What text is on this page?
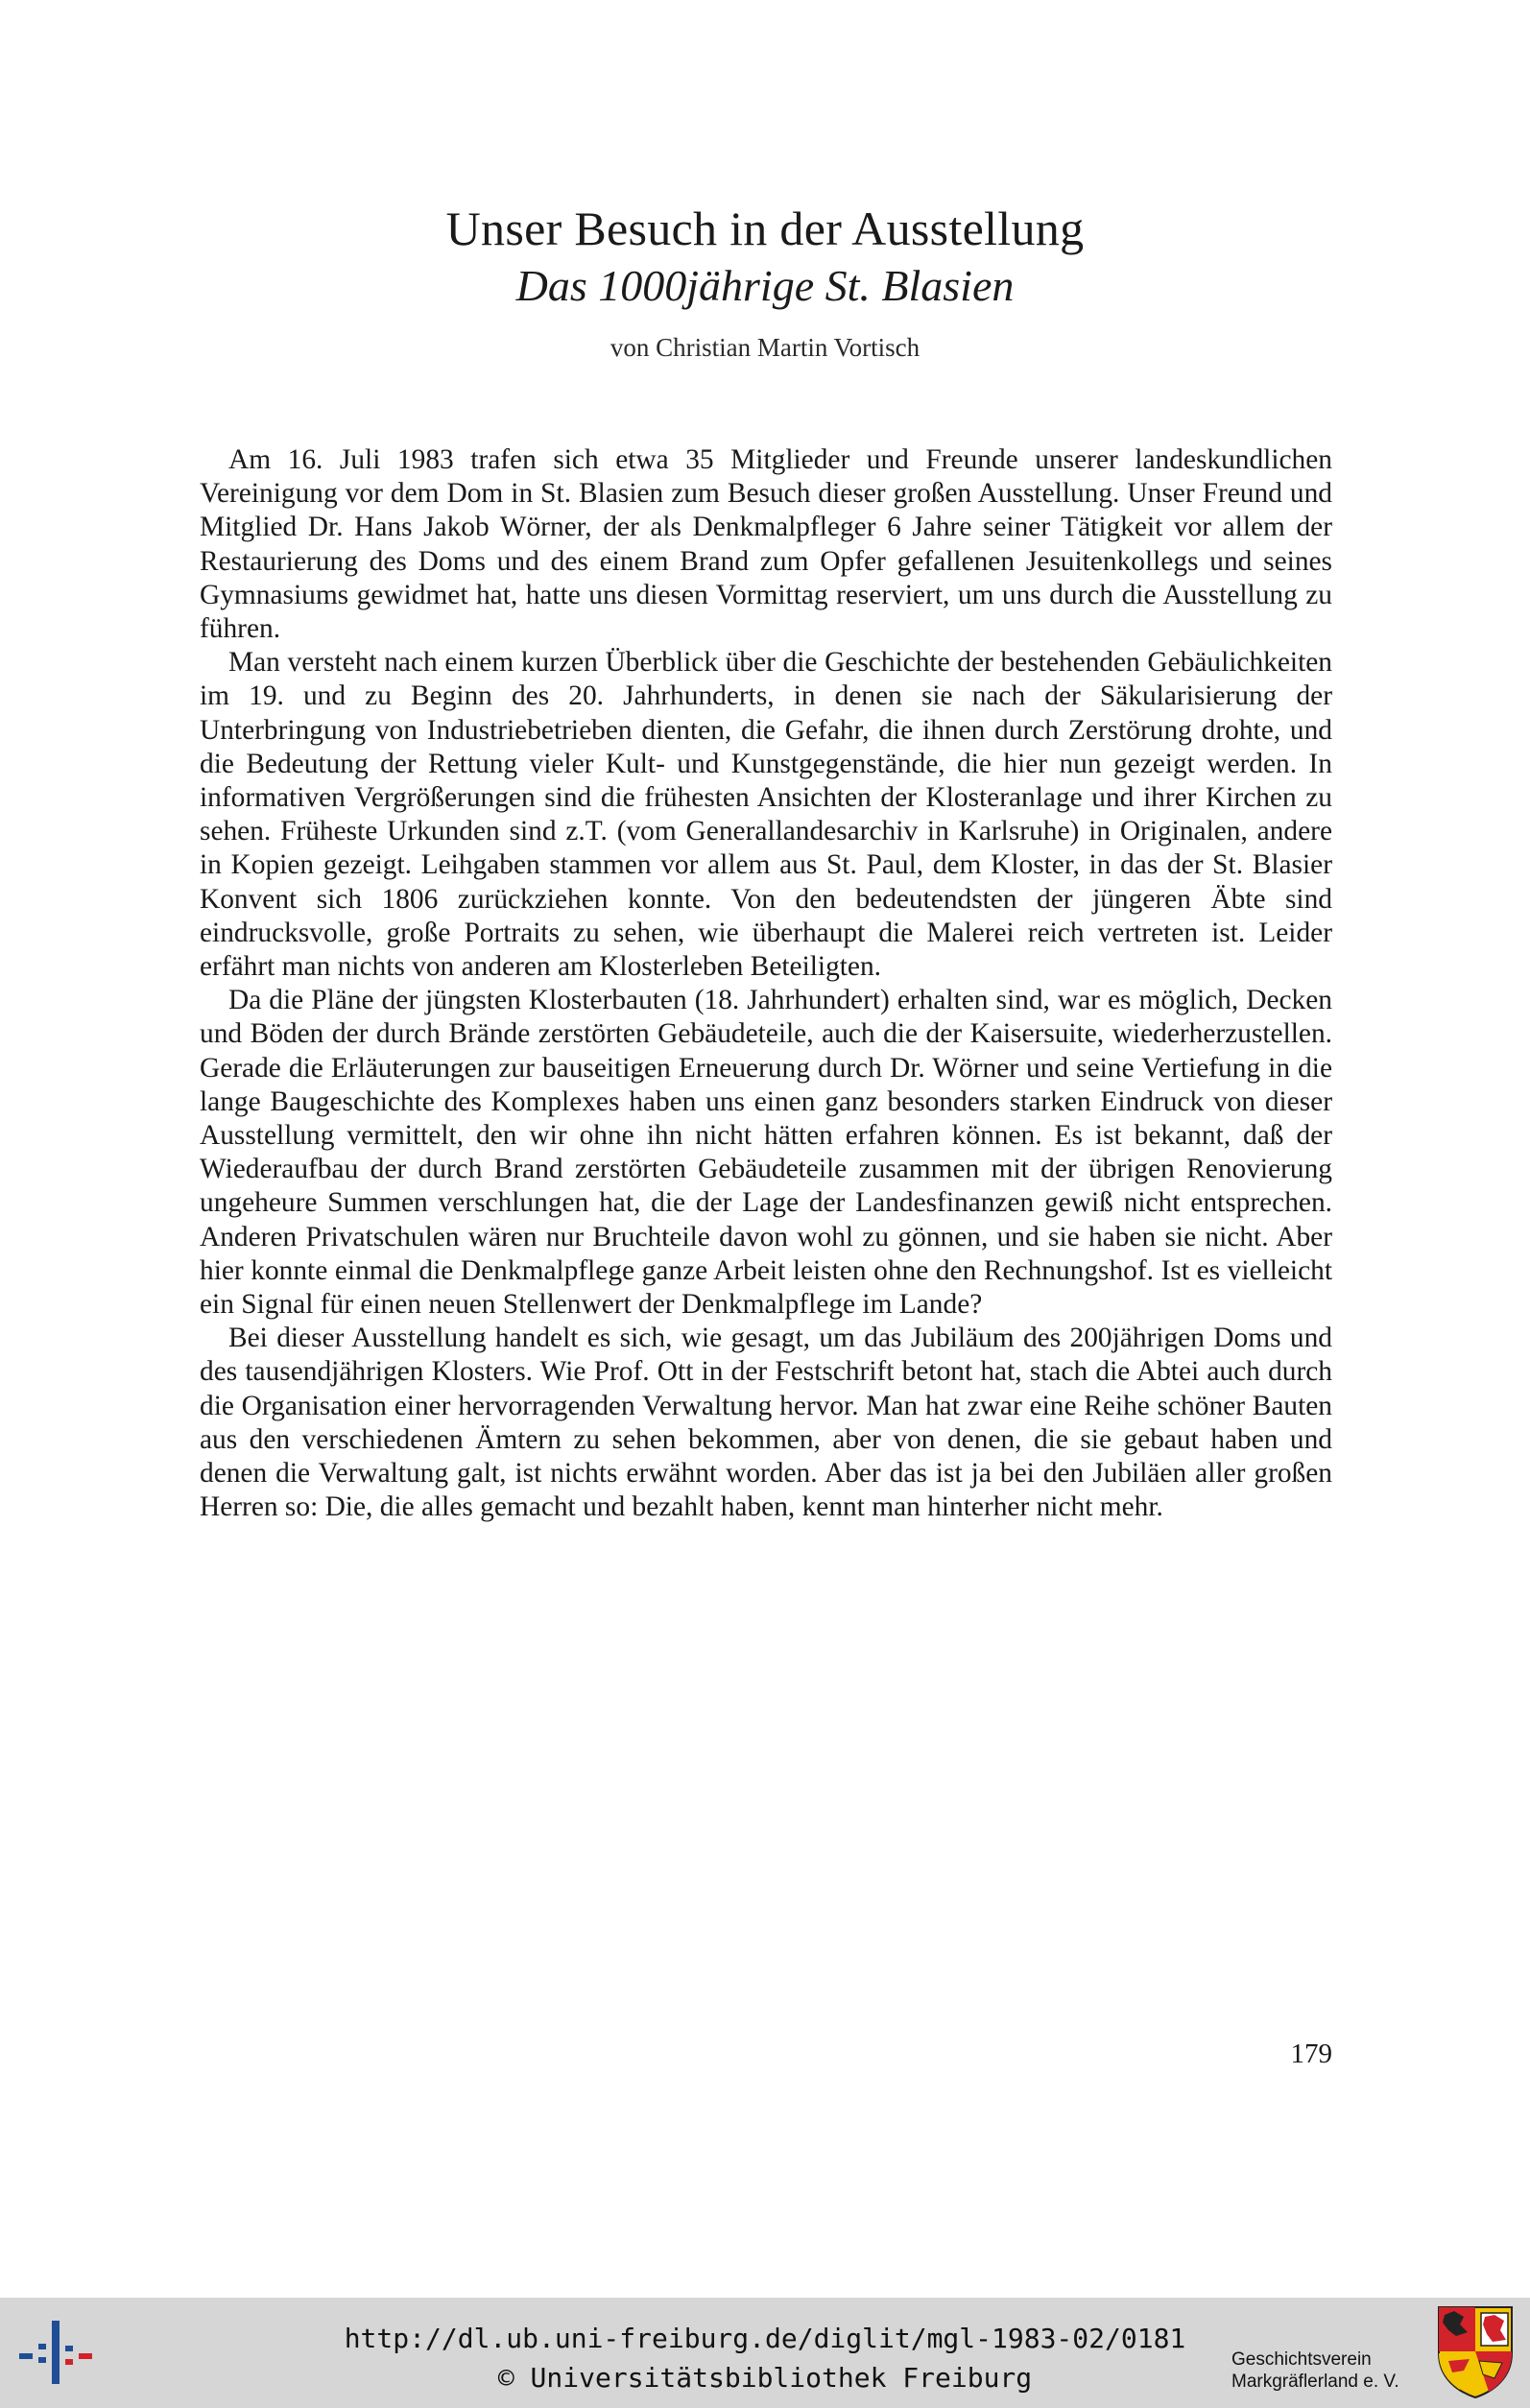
Unser Besuch in der Ausstellung
Das 1000jährige St. Blasien
von Christian Martin Vortisch

Am 16. Juli 1983 trafen sich etwa 35 Mitglieder und Freunde unserer landeskundlichen Vereinigung vor dem Dom in St. Blasien zum Besuch dieser großen Ausstellung. Unser Freund und Mitglied Dr. Hans Jakob Wörner, der als Denkmalpfleger 6 Jahre seiner Tätigkeit vor allem der Restaurierung des Doms und des einem Brand zum Opfer gefallenen Jesuitenkollegs und seines Gymnasiums gewidmet hat, hatte uns diesen Vormittag reserviert, um uns durch die Ausstellung zu führen.

Man versteht nach einem kurzen Überblick über die Geschichte der bestehenden Gebäulichkeiten im 19. und zu Beginn des 20. Jahrhunderts, in denen sie nach der Säkularisierung der Unterbringung von Industriebetrieben dienten, die Gefahr, die ihnen durch Zerstörung drohte, und die Bedeutung der Rettung vieler Kult- und Kunstgegenstände, die hier nun gezeigt werden. In informativen Vergrößerungen sind die frühesten Ansichten der Klosteranlage und ihrer Kirchen zu sehen. Früheste Urkunden sind z.T. (vom Generallandesarchiv in Karlsruhe) in Originalen, andere in Kopien gezeigt. Leihgaben stammen vor allem aus St. Paul, dem Kloster, in das der St. Blasier Konvent sich 1806 zurückziehen konnte. Von den bedeutendsten der jüngeren Äbte sind eindrucksvolle, große Portraits zu sehen, wie überhaupt die Malerei reich vertreten ist. Leider erfährt man nichts von anderen am Klosterleben Beteiligten.

Da die Pläne der jüngsten Klosterbauten (18. Jahrhundert) erhalten sind, war es möglich, Decken und Böden der durch Brände zerstörten Gebäudeteile, auch die der Kaisersuite, wiederherzustellen. Gerade die Erläuterungen zur bauseitigen Erneuerung durch Dr. Wörner und seine Vertiefung in die lange Baugeschichte des Komplexes haben uns einen ganz besonders starken Eindruck von dieser Ausstellung vermittelt, den wir ohne ihn nicht hätten erfahren können. Es ist bekannt, daß der Wiederaufbau der durch Brand zerstörten Gebäudeteile zusammen mit der übrigen Renovierung ungeheure Summen verschlungen hat, die der Lage der Landesfinanzen gewiß nicht entsprechen. Anderen Privatschulen wären nur Bruchteile davon wohl zu gönnen, und sie haben sie nicht. Aber hier konnte einmal die Denkmalpflege ganze Arbeit leisten ohne den Rechnungshof. Ist es vielleicht ein Signal für einen neuen Stellenwert der Denkmalpflege im Lande?

Bei dieser Ausstellung handelt es sich, wie gesagt, um das Jubiläum des 200jährigen Doms und des tausendjährigen Klosters. Wie Prof. Ott in der Festschrift betont hat, stach die Abtei auch durch die Organisation einer hervorragenden Verwaltung hervor. Man hat zwar eine Reihe schöner Bauten aus den verschiedenen Ämtern zu sehen bekommen, aber von denen, die sie gebaut haben und denen die Verwaltung galt, ist nichts erwähnt worden. Aber das ist ja bei den Jubiläen aller großen Herren so: Die, die alles gemacht und bezahlt haben, kennt man hinterher nicht mehr.

179
http://dl.ub.uni-freiburg.de/diglit/mgl-1983-02/0181
© Universitätsbibliothek Freiburg
Geschichtsverein
Markgräflerland e. V.
